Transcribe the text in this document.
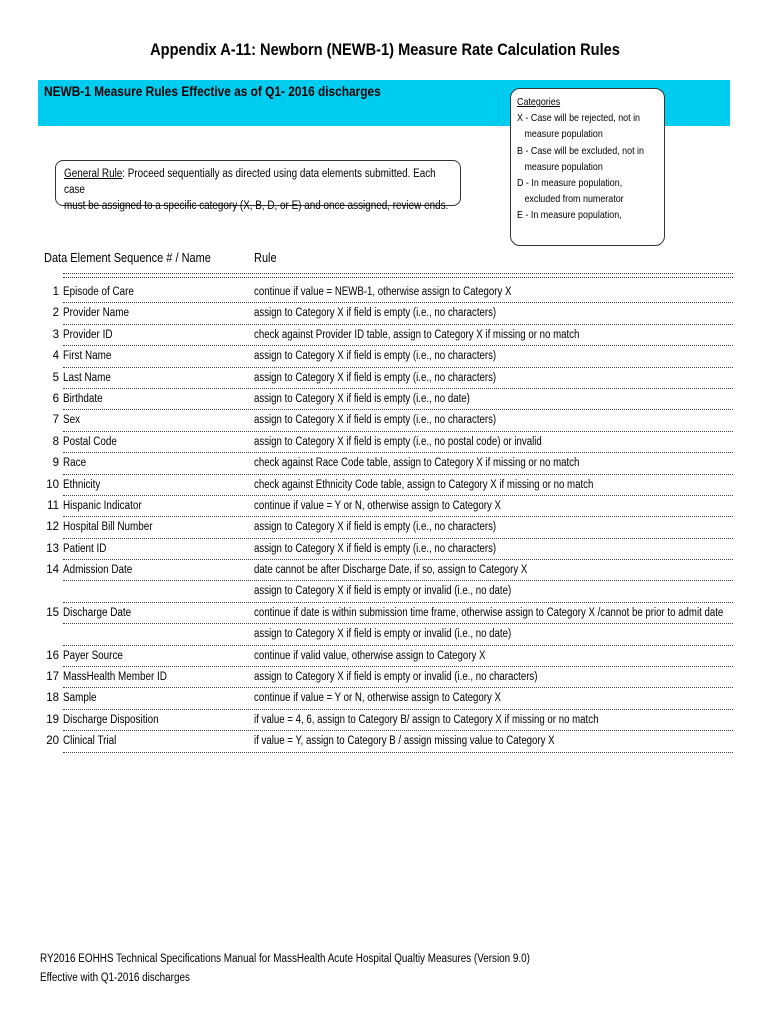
Appendix A-11: Newborn (NEWB-1) Measure Rate Calculation Rules
NEWB-1 Measure Rules Effective as of Q1- 2016 discharges
Categories
X - Case will be rejected, not in
measure population
B - Case will be excluded, not in
measure population
D - In measure population,
excluded from numerator
E - In measure population,
General Rule: Proceed sequentially as directed using data elements submitted. Each case
must be assigned to a specific category (X, B, D, or E) and once assigned, review ends.
Data Element Sequence # / Name	Rule
1 Episode of Care	continue if value = NEWB-1, otherwise assign to Category X
2 Provider Name	assign to Category X if field is empty (i.e., no characters)
3 Provider ID	check against Provider ID table, assign to Category X if missing or no match
4 First Name	assign to Category X if field is empty (i.e., no characters)
5 Last Name	assign to Category X if field is empty (i.e., no characters)
6 Birthdate	assign to Category X if field is empty (i.e., no date)
7 Sex	assign to Category X if field is empty (i.e., no characters)
8 Postal Code	assign to Category X if field is empty (i.e., no postal code) or invalid
9 Race	check against Race Code table, assign to Category X if missing or no match
10 Ethnicity	check against Ethnicity Code table, assign to Category X if missing or no match
11 Hispanic Indicator	continue if value = Y or N, otherwise assign to Category X
12 Hospital Bill Number	assign to Category X if field is empty (i.e., no characters)
13 Patient ID	assign to Category X if field is empty (i.e., no characters)
14 Admission Date	date cannot be after Discharge Date, if so, assign to Category X
assign to Category X if field is empty or invalid (i.e., no date)
15 Discharge Date	continue if date is within submission time frame, otherwise assign to Category X /cannot be prior to admit date
assign to Category X if field is empty or invalid (i.e., no date)
16 Payer Source	continue if valid value, otherwise assign to Category X
17 MassHealth Member ID	assign to Category X if field is empty or invalid (i.e., no characters)
18 Sample	continue if value = Y or N, otherwise assign to Category X
19 Discharge Disposition	if value = 4, 6, assign to Category B/ assign to Category X if missing or no match
20 Clinical Trial	if value = Y, assign to Category B / assign missing value to Category X
RY2016 EOHHS Technical Specifications Manual for MassHealth Acute Hospital Qualtiy Measures (Version 9.0)
Effective with Q1-2016 discharges
